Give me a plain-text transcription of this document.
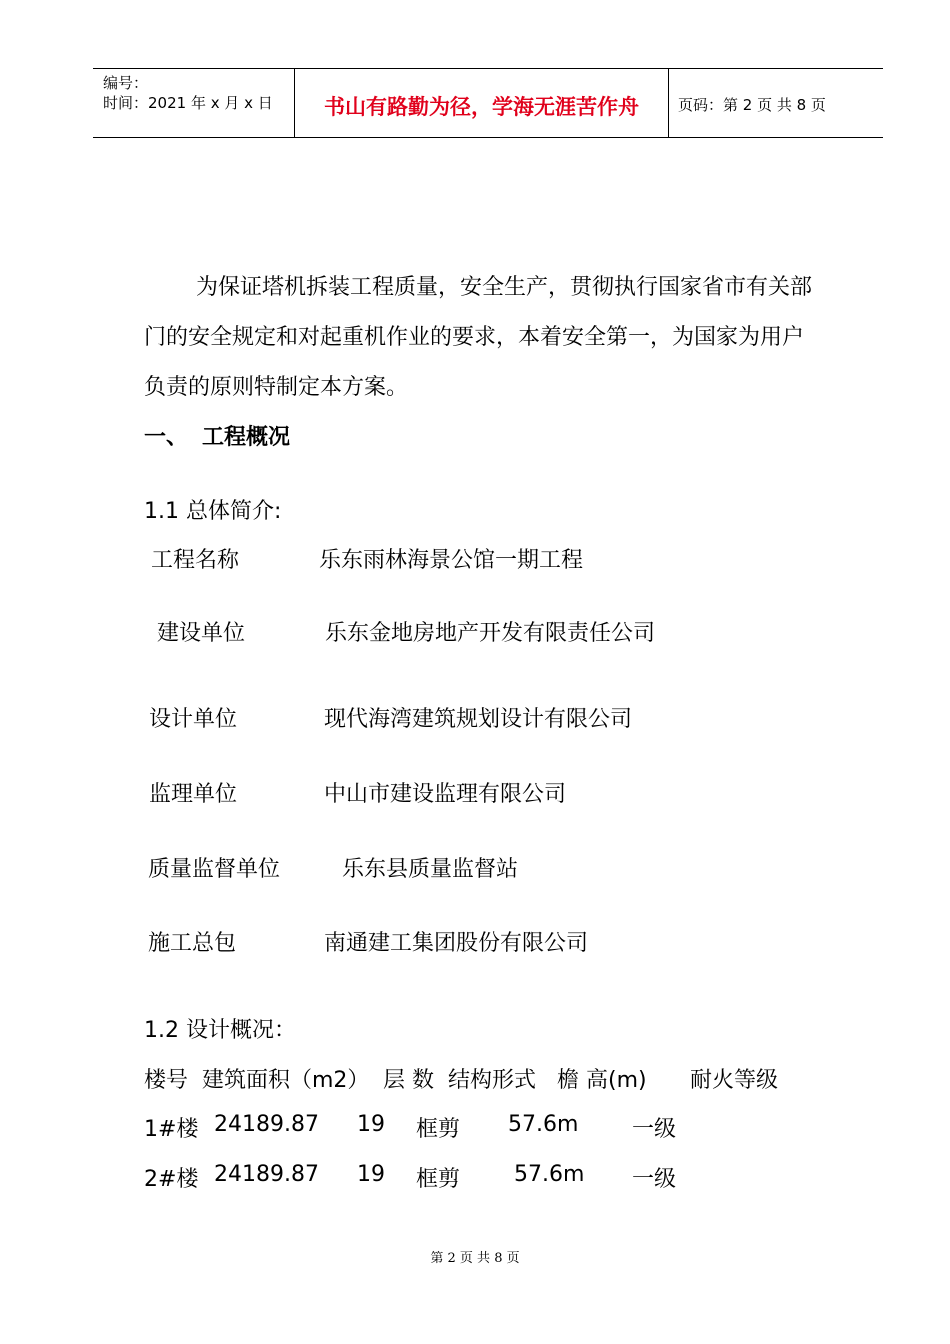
编号：
时间：2021 年 x 月 x 日	书山有路勤为径，学海无涯苦作舟	页码：第 2 页 共 8 页
为保证塔机拆装工程质量，安全生产，贯彻执行国家省市有关部
门的安全规定和对起重机作业的要求，本着安全第一，为国家为用户
负责的原则特制定本方案。
一、 工程概况
1.1 总体简介:
工程名称	乐东雨林海景公馆一期工程
建设单位	乐东金地房地产开发有限责任公司
设计单位	现代海湾建筑规划设计有限公司
监理单位	中山市建设监理有限公司
质量监督单位	乐东县质量监督站
施工总包	南通建工集团股份有限公司
1.2 设计概况：
楼号 建筑面积（m2） 层 数 结构形式 檐 高(m) 耐火等级
1#楼 24189.87 19 框剪 57.6m 一级
2#楼 24189.87 19 框剪 57.6m 一级
第 2 页 共 8 页
